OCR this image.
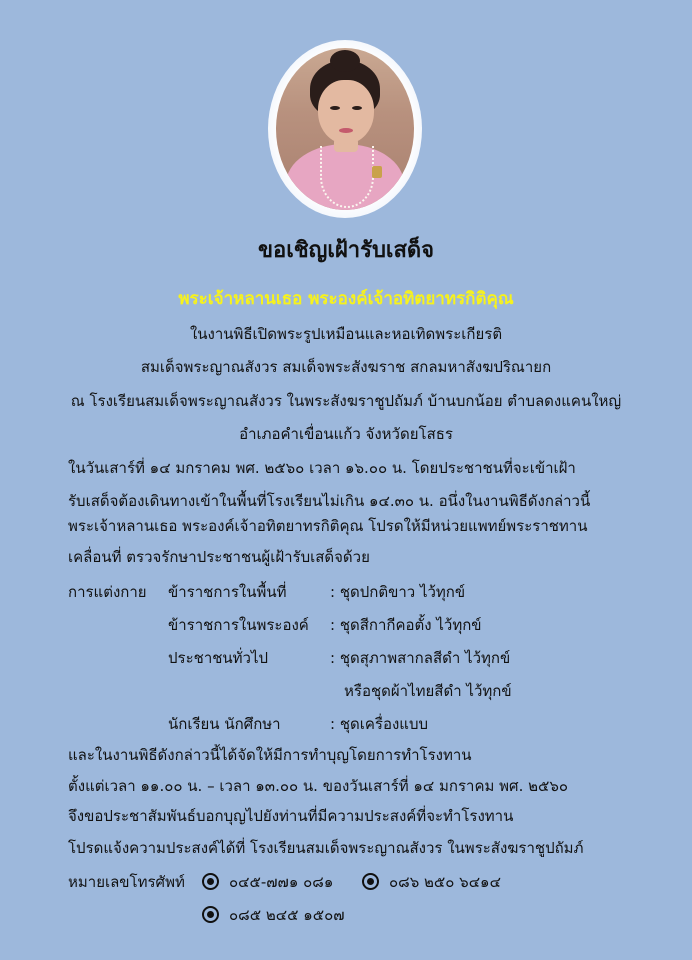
ขอเชิญเฝ้ารับเสด็จ
พระเจ้าหลานเธอ พระองค์เจ้าอทิตยาทรกิติคุณ
ในงานพิธีเปิดพระรูปเหมือนและหอเทิดพระเกียรติ
สมเด็จพระญาณสังวร สมเด็จพระสังฆราช สกลมหาสังฆปริณายก
ณ โรงเรียนสมเด็จพระญาณสังวร ในพระสังฆราชูปถัมภ์ บ้านบกน้อย ตำบลดงแคนใหญ่
อำเภอคำเขื่อนแก้ว จังหวัดยโสธร
ในวันเสาร์ที่ ๑๔ มกราคม พศ. ๒๕๖๐ เวลา ๑๖.๐๐ น. โดยประชาชนที่จะเข้าเฝ้า
รับเสด็จต้องเดินทางเข้าในพื้นที่โรงเรียนไม่เกิน ๑๔.๓๐ น. อนึ่งในงานพิธีดังกล่าวนี้
พระเจ้าหลานเธอ พระองค์เจ้าอทิตยาทรกิติคุณ โปรดให้มีหน่วยแพทย์พระราชทาน
เคลื่อนที่ ตรวจรักษาประชาชนผู้เฝ้ารับเสด็จด้วย
การแต่งกาย ข้าราชการในพื้นที่	: ชุดปกติขาว ไว้ทุกข์
ข้าราชการในพระองค์ : ชุดสีกากีคอตั้ง ไว้ทุกข์
ประชาชนทั่วไป	: ชุดสุภาพสากลสีดำ ไว้ทุกข์
หรือชุดผ้าไทยสีดำ ไว้ทุกข์
นักเรียน นักศึกษา	: ชุดเครื่องแบบ
และในงานพิธีดังกล่าวนี้ได้จัดให้มีการทำบุญโดยการทำโรงทาน
ตั้งแต่เวลา ๑๑.๐๐ น. – เวลา ๑๓.๐๐ น. ของวันเสาร์ที่ ๑๔ มกราคม พศ. ๒๕๖๐
จึงขอประชาสัมพันธ์บอกบุญไปยังท่านที่มีความประสงค์ที่จะทำโรงทาน
โปรดแจ้งความประสงค์ได้ที่ โรงเรียนสมเด็จพระญาณสังวร ในพระสังฆราชูปถัมภ์
หมายเลขโทรศัพท์	๐๔๕-๗๗๑ ๐๘๑	๐๘๖ ๒๕๐ ๖๔๑๔
๐๘๕ ๒๔๕ ๑๕๐๗
